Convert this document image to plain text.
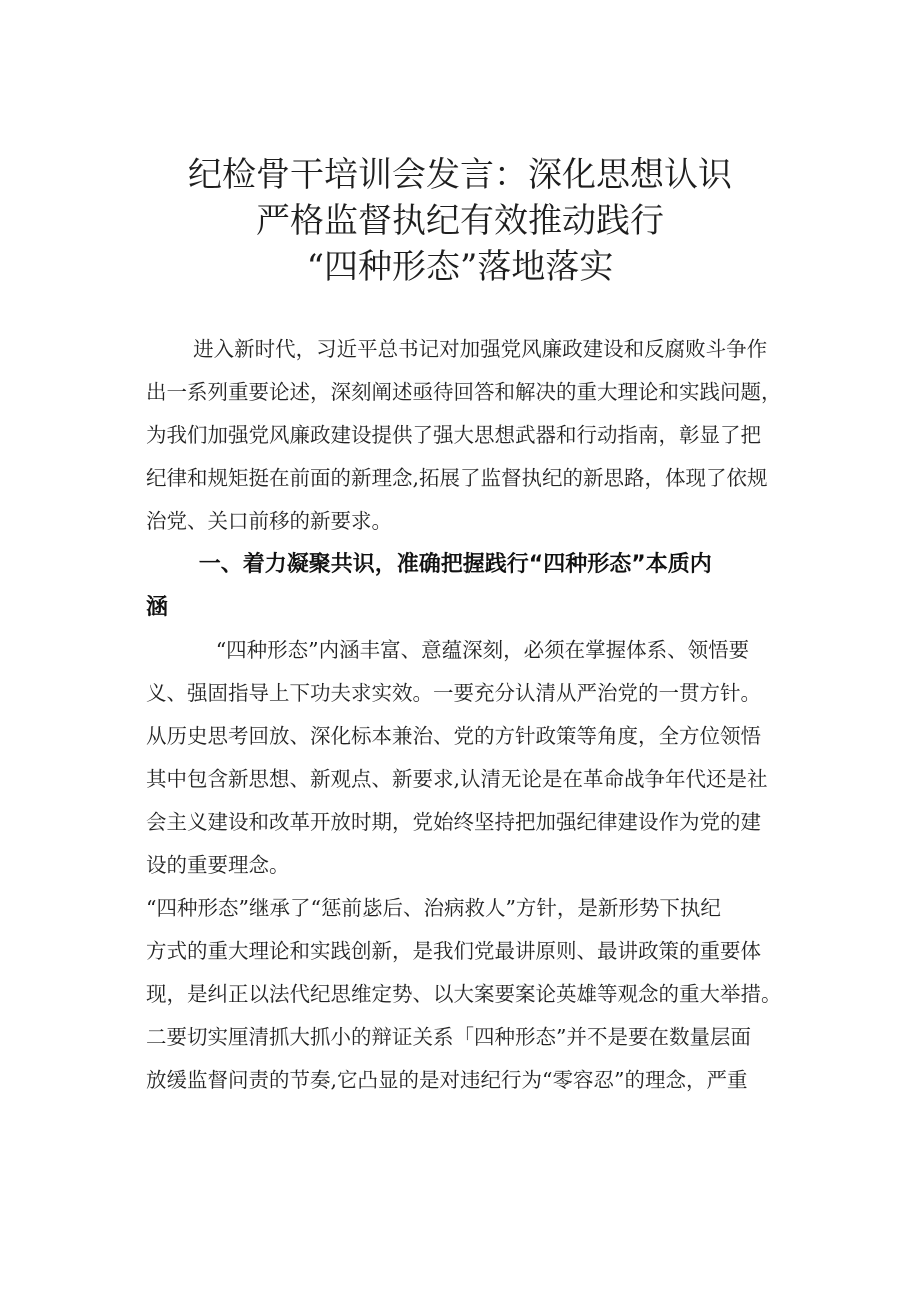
纪检骨干培训会发言：深化思想认识
严格监督执纪有效推动践行
“四种形态”落地落实

进入新时代，习近平总书记对加强党风廉政建设和反腐败斗争作
出一系列重要论述，深刻阐述亟待回答和解决的重大理论和实践问题，
为我们加强党风廉政建设提供了强大思想武器和行动指南，彰显了把
纪律和规矩挺在前面的新理念,拓展了监督执纪的新思路，体现了依规
治党、关口前移的新要求。

一、着力凝聚共识，准确把握践行“四种形态”本质内
涵

“四种形态”内涵丰富、意蕴深刻，必须在掌握体系、领悟要
义、强固指导上下功夫求实效。一要充分认清从严治党的一贯方针。
从历史思考回放、深化标本兼治、党的方针政策等角度，全方位领悟
其中包含新思想、新观点、新要求,认清无论是在革命战争年代还是社
会主义建设和改革开放时期，党始终坚持把加强纪律建设作为党的建
设的重要理念。

“四种形态”继承了“惩前毖后、治病救人”方针，是新形势下执纪
方式的重大理论和实践创新，是我们党最讲原则、最讲政策的重要体
现，是纠正以法代纪思维定势、以大案要案论英雄等观念的重大举措。
二要切实厘清抓大抓小的辩证关系「四种形态”并不是要在数量层面
放缓监督问责的节奏,它凸显的是对违纪行为“零容忍”的理念，严重
